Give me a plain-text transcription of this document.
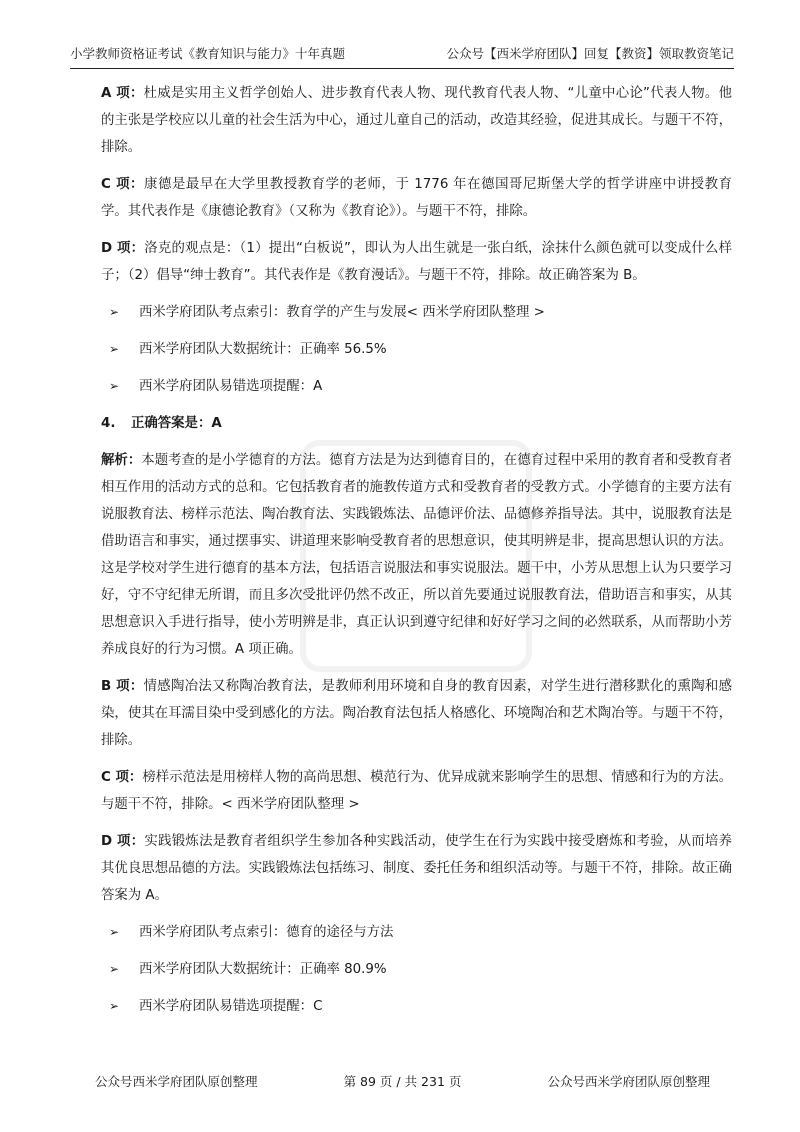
小学教师资格证考试《教育知识与能力》十年真题	公众号【西米学府团队】回复【教资】领取教资笔记

A 项：杜威是实用主义哲学创始人、进步教育代表人物、现代教育代表人物、“儿童中心论”代表人物。他的主张是学校应以儿童的社会生活为中心，通过儿童自己的活动，改造其经验，促进其成长。与题干不符，排除。

C 项：康德是最早在大学里教授教育学的老师，于 1776 年在德国哥尼斯堡大学的哲学讲座中讲授教育学。其代表作是《康德论教育》（又称为《教育论》）。与题干不符，排除。

D 项：洛克的观点是：（1）提出“白板说”，即认为人出生就是一张白纸，涂抹什么颜色就可以变成什么样子；（2）倡导“绅士教育”。其代表作是《教育漫话》。与题干不符，排除。故正确答案为 B。

➢	西米学府团队考点索引：教育学的产生与发展< 西米学府团队整理 >
➢	西米学府团队大数据统计：正确率 56.5%
➢	西米学府团队易错选项提醒：A
4.	正确答案是：A

解析：本题考查的是小学德育的方法。德育方法是为达到德育目的，在德育过程中采用的教育者和受教育者相互作用的活动方式的总和。它包括教育者的施教传道方式和受教育者的受教方式。小学德育的主要方法有说服教育法、榜样示范法、陶冶教育法、实践锻炼法、品德评价法、品德修养指导法。其中，说服教育法是借助语言和事实，通过摆事实、讲道理来影响受教育者的思想意识，使其明辨是非，提高思想认识的方法。这是学校对学生进行德育的基本方法，包括语言说服法和事实说服法。题干中，小芳从思想上认为只要学习好，守不守纪律无所谓，而且多次受批评仍然不改正，所以首先要通过说服教育法，借助语言和事实，从其思想意识入手进行指导，使小芳明辨是非，真正认识到遵守纪律和好好学习之间的必然联系，从而帮助小芳养成良好的行为习惯。A 项正确。

B 项：情感陶冶法又称陶冶教育法，是教师利用环境和自身的教育因素，对学生进行潜移默化的熏陶和感染，使其在耳濡目染中受到感化的方法。陶冶教育法包括人格感化、环境陶冶和艺术陶冶等。与题干不符，排除。

C 项：榜样示范法是用榜样人物的高尚思想、模范行为、优异成就来影响学生的思想、情感和行为的方法。与题干不符，排除。< 西米学府团队整理 >

D 项：实践锻炼法是教育者组织学生参加各种实践活动，使学生在行为实践中接受磨炼和考验，从而培养其优良思想品德的方法。实践锻炼法包括练习、制度、委托任务和组织活动等。与题干不符，排除。故正确答案为 A。

➢	西米学府团队考点索引：德育的途径与方法
➢	西米学府团队大数据统计：正确率 80.9%
➢	西米学府团队易错选项提醒：C
公众号西米学府团队原创整理	第 89 页 / 共 231 页	公众号西米学府团队原创整理
